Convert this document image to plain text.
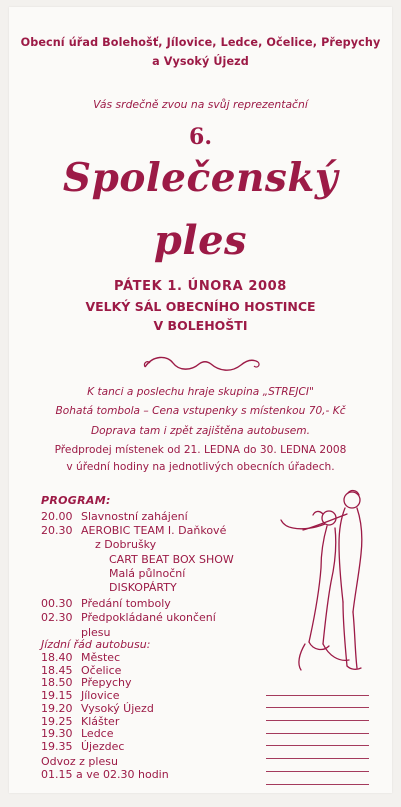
Obecní úřad Bolehošť, Jílovice, Ledce, Očelice, Přepychy
a Vysoký Újezd
Vás srdečně zvou na svůj reprezentační
6.
Společenský
ples
PÁTEK 1. ÚNORA 2008
VELKÝ SÁL OBECNÍHO HOSTINCE
V BOLEHOŠTI
K tanci a poslechu hraje skupina „STREJCI"
Bohatá tombola – Cena vstupenky s místenkou 70,- Kč
Doprava tam i zpět zajištěna autobusem.
Předprodej místenek od 21. LEDNA do 30. LEDNA 2008
v úřední hodiny na jednotlivých obecních úřadech.
PROGRAM:
20.00 Slavnostní zahájení
20.30 AEROBIC TEAM I. Daňkové
z Dobrušky
CART BEAT BOX SHOW
Malá půlnoční
DISKOPÁRTY
00.30 Předání tomboly
02.30 Předpokládané ukončení
plesu
Jízdní řád autobusu:
18.40 Městec
18.45 Očelice
18.50 Přepychy
19.15 Jílovice
19.20 Vysoký Újezd
19.25 Klášter
19.30 Ledce
19.35 Újezdec
Odvoz z plesu
01.15 a ve 02.30 hodin
